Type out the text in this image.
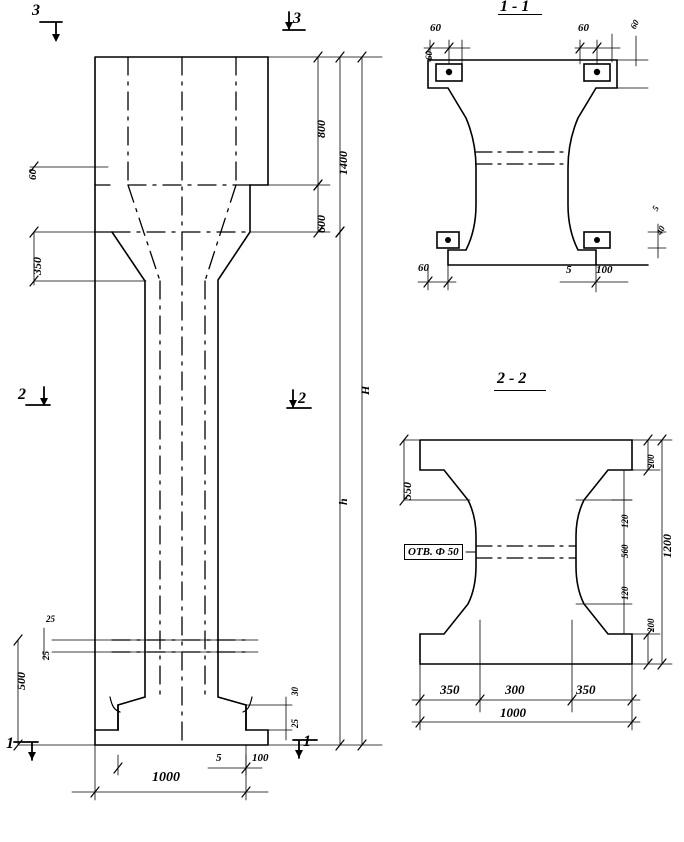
1 - 1
2 - 2
3	3
2	2
1	1
800
1400
600
60
350
H
h
500
25
25
1000
5	100
30
25
60
60
60	60
60
5
40
5 100
550
200
120
560
120
200
1200
350	300	350
1000
ОТВ. Ф 50
